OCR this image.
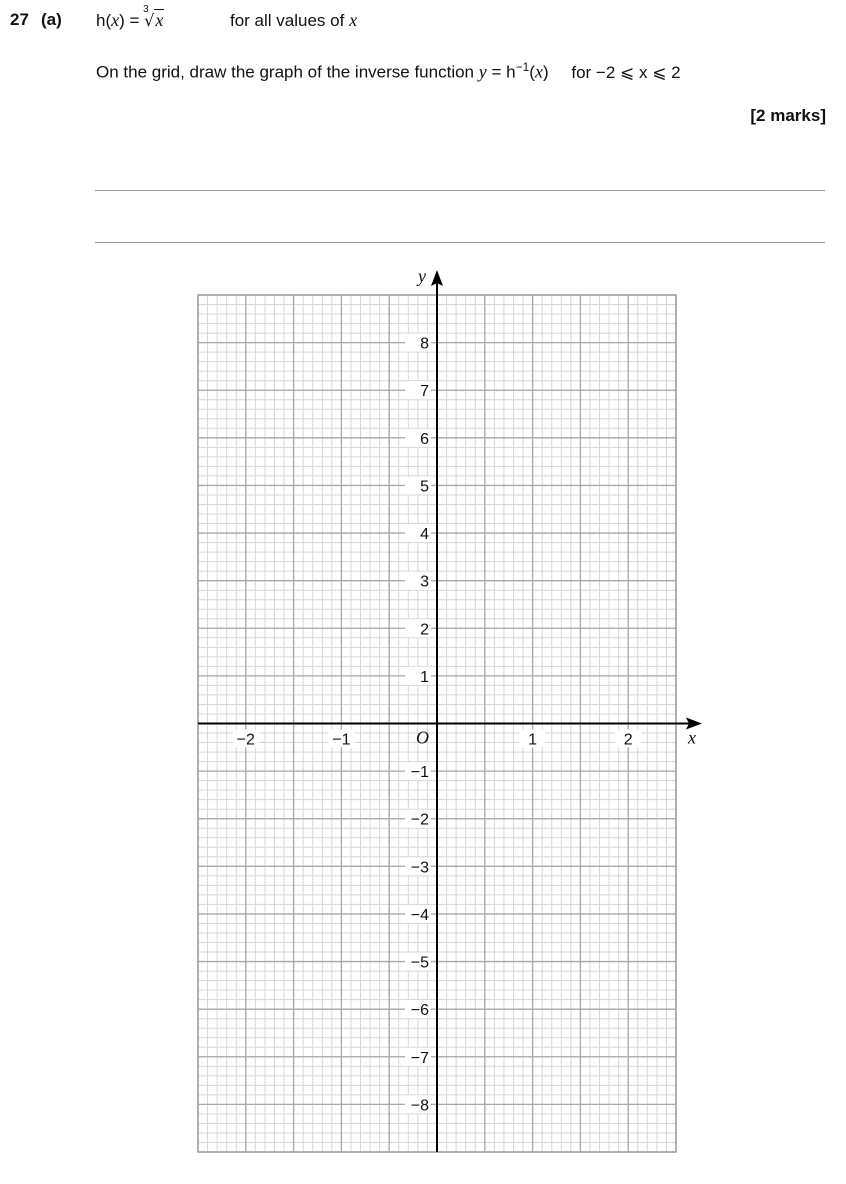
27 (a) h(x) =
3
√x	for all values of x
On the grid, draw the graph of the inverse function $y = h^{-1}(x)$ for −2 ⩽ x ⩽ 2
[2 marks]
x
y
O
−2	−1	1	2
8
7
6
5
4
3
2
1
−1
−2
−3
−4
−5
−6
−7
−8
